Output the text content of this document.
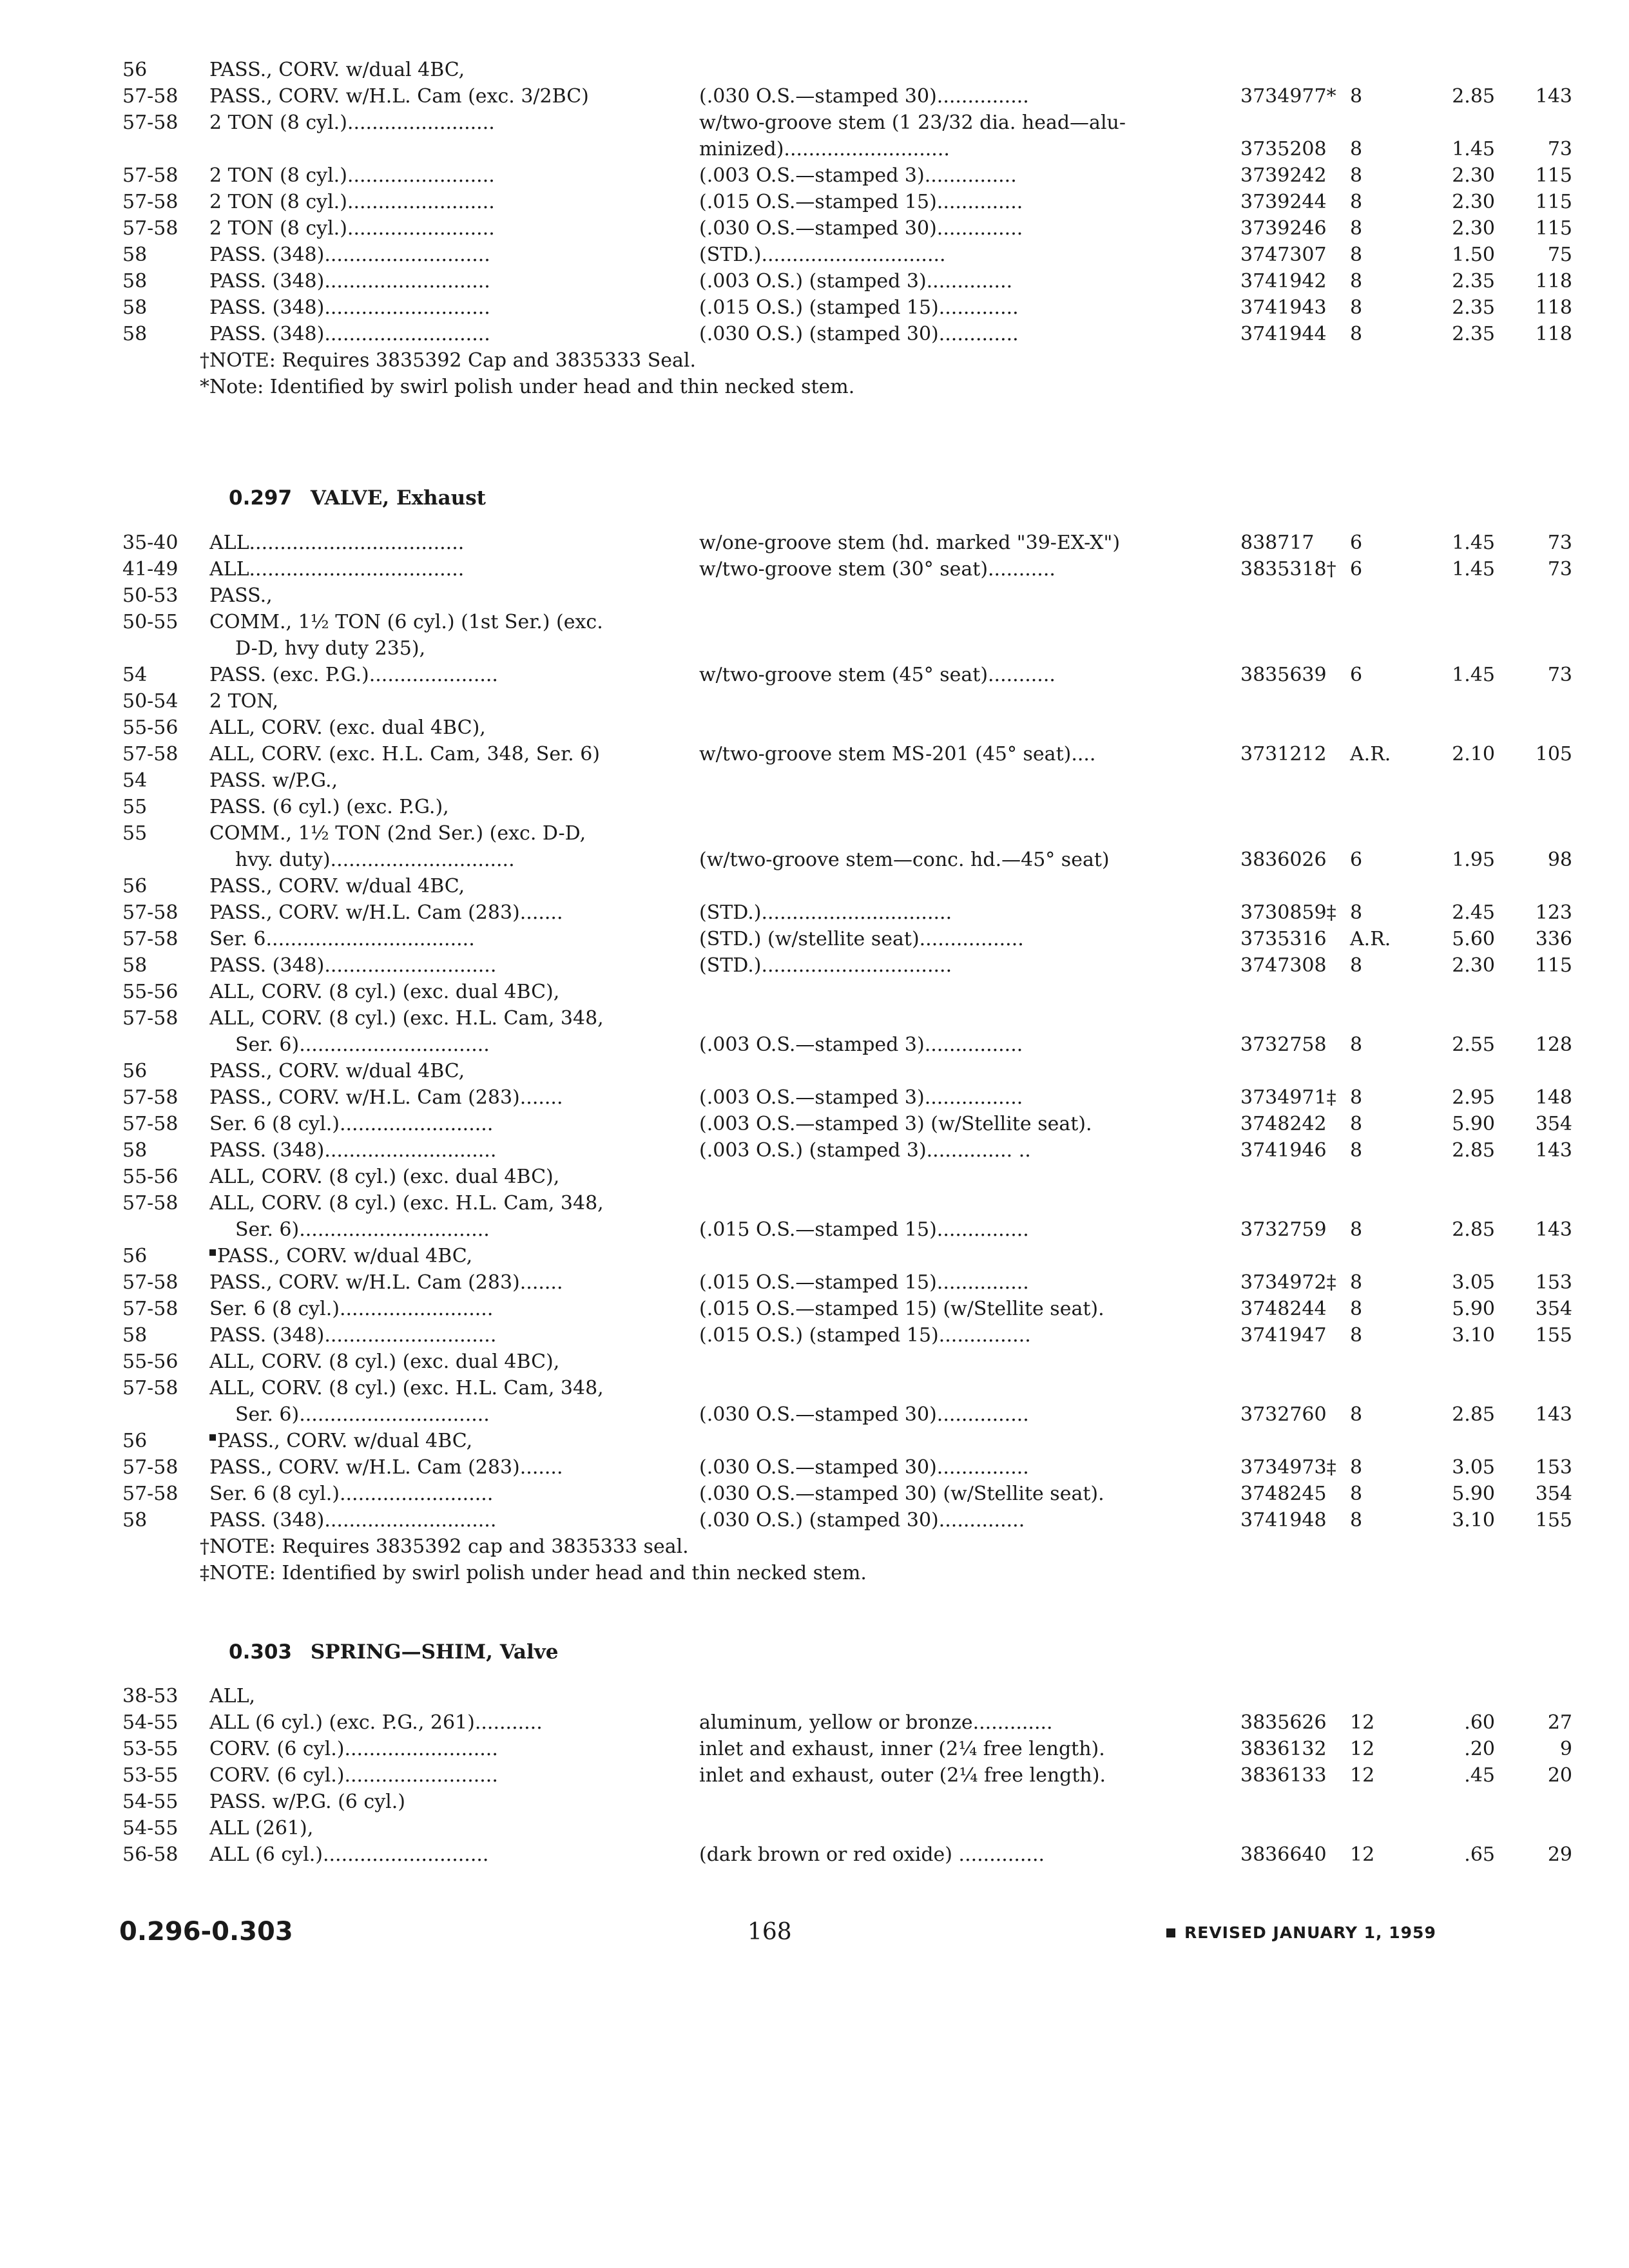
56	PASS., CORV. w/dual 4BC,
57-58	PASS., CORV. w/H.L. Cam (exc. 3/2BC)	(.030 O.S.—stamped 30)...............	3734977* 8	2.85	143
57-58	2 TON (8 cyl.)........................	w/two-groove stem (1 23/32 dia. head—alu-
minized)...........................	3735208	8	1.45	73
57-58	2 TON (8 cyl.)........................	(.003 O.S.—stamped 3)...............	3739242	8	2.30	115
57-58	2 TON (8 cyl.)........................	(.015 O.S.—stamped 15)..............	3739244	8	2.30	115
57-58	2 TON (8 cyl.)........................	(.030 O.S.—stamped 30)..............	3739246	8	2.30	115
58	PASS. (348)...........................	(STD.)..............................	3747307	8	1.50	75
58	PASS. (348)...........................	(.003 O.S.) (stamped 3)..............	3741942	8	2.35	118
58	PASS. (348)...........................	(.015 O.S.) (stamped 15).............	3741943	8	2.35	118
58	PASS. (348)...........................	(.030 O.S.) (stamped 30).............	3741944	8	2.35	118
†NOTE: Requires 3835392 Cap and 3835333 Seal.
*Note: Identified by swirl polish under head and thin necked stem.
0.297 VALVE, Exhaust
35-40	ALL...................................	w/one-groove stem (hd. marked "39-EX-X")	838717	6	1.45	73
41-49	ALL...................................	w/two-groove stem (30° seat)...........	3835318† 6	1.45	73
50-53	PASS.,
50-55	COMM., 1½ TON (6 cyl.) (1st Ser.) (exc.
D-D, hvy duty 235),
54	PASS. (exc. P.G.).....................	w/two-groove stem (45° seat)...........	3835639	6	1.45	73
50-54	2 TON,
55-56	ALL, CORV. (exc. dual 4BC),
57-58	ALL, CORV. (exc. H.L. Cam, 348, Ser. 6)	w/two-groove stem MS-201 (45° seat)....	3731212	A.R.	2.10	105
54	PASS. w/P.G.,
55	PASS. (6 cyl.) (exc. P.G.),
55	COMM., 1½ TON (2nd Ser.) (exc. D-D,
hvy. duty)..............................	(w/two-groove stem—conc. hd.—45° seat)	3836026	6	1.95	98
56	PASS., CORV. w/dual 4BC,
57-58	PASS., CORV. w/H.L. Cam (283).......	(STD.)...............................	3730859‡ 8	2.45	123
57-58	Ser. 6..................................	(STD.) (w/stellite seat).................	3735316	A.R.	5.60	336
58	PASS. (348)............................	(STD.)...............................	3747308	8	2.30	115
55-56	ALL, CORV. (8 cyl.) (exc. dual 4BC),
57-58	ALL, CORV. (8 cyl.) (exc. H.L. Cam, 348,
Ser. 6)...............................	(.003 O.S.—stamped 3)................	3732758	8	2.55	128
56	PASS., CORV. w/dual 4BC,
57-58	PASS., CORV. w/H.L. Cam (283).......	(.003 O.S.—stamped 3)................	3734971‡ 8	2.95	148
57-58	Ser. 6 (8 cyl.).........................	(.003 O.S.—stamped 3) (w/Stellite seat).	3748242	8	5.90	354
58	PASS. (348)............................	(.003 O.S.) (stamped 3).............. ..	3741946	8	2.85	143
55-56	ALL, CORV. (8 cyl.) (exc. dual 4BC),
57-58	ALL, CORV. (8 cyl.) (exc. H.L. Cam, 348,
Ser. 6)...............................	(.015 O.S.—stamped 15)...............	3732759	8	2.85	143
56	PASS., CORV. w/dual 4BC,
57-58	PASS., CORV. w/H.L. Cam (283).......	(.015 O.S.—stamped 15)...............	3734972‡ 8	3.05	153
57-58	Ser. 6 (8 cyl.).........................	(.015 O.S.—stamped 15) (w/Stellite seat).	3748244	8	5.90	354
58	PASS. (348)............................	(.015 O.S.) (stamped 15)...............	3741947	8	3.10	155
55-56	ALL, CORV. (8 cyl.) (exc. dual 4BC),
57-58	ALL, CORV. (8 cyl.) (exc. H.L. Cam, 348,
Ser. 6)...............................	(.030 O.S.—stamped 30)...............	3732760	8	2.85	143
56	PASS., CORV. w/dual 4BC,
57-58	PASS., CORV. w/H.L. Cam (283).......	(.030 O.S.—stamped 30)...............	3734973‡ 8	3.05	153
57-58	Ser. 6 (8 cyl.).........................	(.030 O.S.—stamped 30) (w/Stellite seat).	3748245	8	5.90	354
58	PASS. (348)............................	(.030 O.S.) (stamped 30)..............	3741948	8	3.10	155
†NOTE: Requires 3835392 cap and 3835333 seal.
‡NOTE: Identified by swirl polish under head and thin necked stem.
0.303 SPRING—SHIM, Valve
38-53	ALL,
54-55	ALL (6 cyl.) (exc. P.G., 261)...........	aluminum, yellow or bronze.............	3835626	12	.60	27
53-55	CORV. (6 cyl.).........................	inlet and exhaust, inner (2¼ free length).	3836132	12	.20	9
53-55	CORV. (6 cyl.).........................	inlet and exhaust, outer (2¼ free length).	3836133	12	.45	20
54-55	PASS. w/P.G. (6 cyl.)
54-55	ALL (261),
56-58	ALL (6 cyl.)...........................	(dark brown or red oxide) ..............	3836640	12	.65	29
0.296-0.303	168	REVISED JANUARY 1, 1959
